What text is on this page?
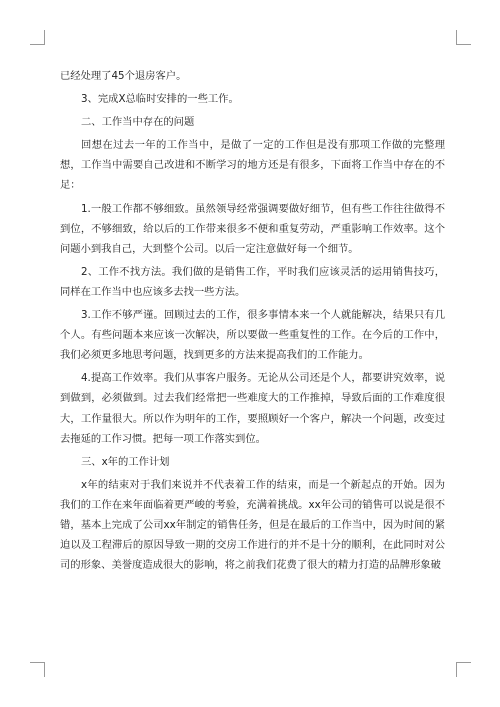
已经处理了45个退房客户。

3、完成X总临时安排的一些工作。

二、工作当中存在的问题

回想在过去一年的工作当中，是做了一定的工作但是没有那项工作做的完整理想，工作当中需要自己改进和不断学习的地方还是有很多，下面将工作当中存在的不足：

1.一般工作都不够细致。虽然领导经常强调要做好细节，但有些工作往往做得不到位，不够细致，给以后的工作带来很多不便和重复劳动，严重影响工作效率。这个问题小到我自己，大到整个公司。以后一定注意做好每一个细节。

2、工作不找方法。我们做的是销售工作，平时我们应该灵活的运用销售技巧，同样在工作当中也应该多去找一些方法。

3.工作不够严谨。回顾过去的工作，很多事情本来一个人就能解决，结果只有几个人。有些问题本来应该一次解决，所以要做一些重复性的工作。在今后的工作中，我们必须更多地思考问题，找到更多的方法来提高我们的工作能力。

4.提高工作效率。我们从事客户服务。无论从公司还是个人，都要讲究效率，说到做到，必须做到。过去我们经常把一些难度大的工作推掉，导致后面的工作难度很大，工作量很大。所以作为明年的工作，要照顾好一个客户，解决一个问题，改变过去拖延的工作习惯。把每一项工作落实到位。

三、x年的工作计划

x年的结束对于我们来说并不代表着工作的结束，而是一个新起点的开始。因为我们的工作在来年面临着更严峻的考验，充满着挑战。xx年公司的销售可以说是很不错，基本上完成了公司xx年制定的销售任务，但是在最后的工作当中，因为时间的紧迫以及工程滞后的原因导致一期的交房工作进行的并不是十分的顺利，在此同时对公司的形象、美誉度造成很大的影响，将之前我们花费了很大的精力打造的品牌形象破
